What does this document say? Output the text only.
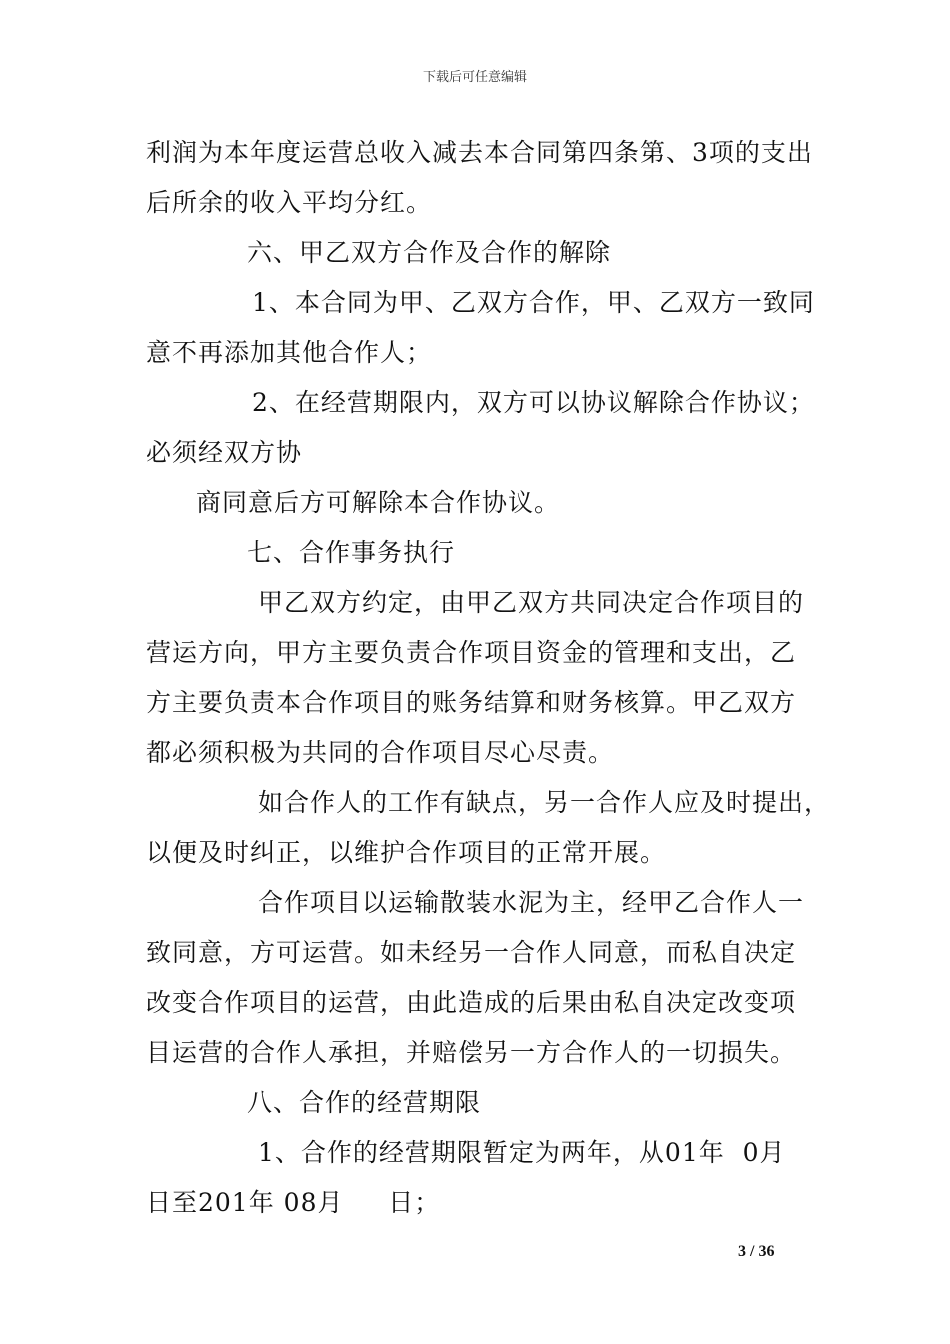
下载后可任意编辑
利润为本年度运营总收入减去本合同第四条第、3项的支出
后所余的收入平均分红。
六、甲乙双方合作及合作的解除
1、本合同为甲、乙双方合作，甲、乙双方一致同
意不再添加其他合作人；
2、在经营期限内，双方可以协议解除合作协议；
必须经双方协
商同意后方可解除本合作协议。
七、合作事务执行
甲乙双方约定，由甲乙双方共同决定合作项目的
营运方向，甲方主要负责合作项目资金的管理和支出，乙
方主要负责本合作项目的账务结算和财务核算。甲乙双方
都必须积极为共同的合作项目尽心尽责。
如合作人的工作有缺点，另一合作人应及时提出，
以便及时纠正，以维护合作项目的正常开展。
合作项目以运输散装水泥为主，经甲乙合作人一
致同意，方可运营。如未经另一合作人同意，而私自决定
改变合作项目的运营，由此造成的后果由私自决定改变项
目运营的合作人承担，并赔偿另一方合作人的一切损失。
八、合作的经营期限
1、合作的经营期限暂定为两年，从01年  0月
日至201年 08月     日；
3 / 36
